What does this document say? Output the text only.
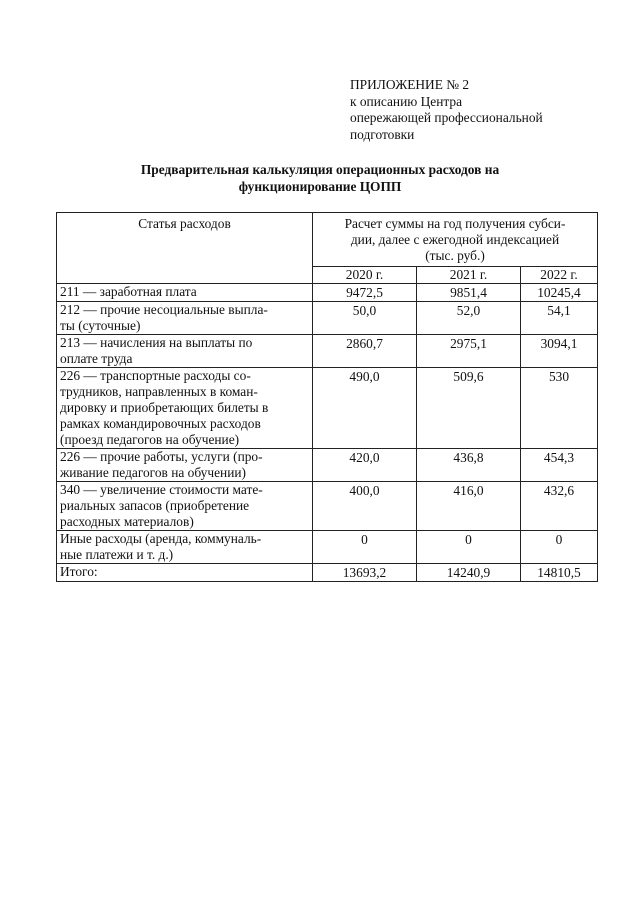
ПРИЛОЖЕНИЕ № 2
к описанию Центра
опережающей профессиональной
подготовки
Предварительная калькуляция операционных расходов на
функционирование ЦОПП
Статья расходов	Расчет суммы на год получения субси-
дии, далее с ежегодной индексацией
(тыс. руб.)		

	2020 г.	2021 г.	2022 г.

211 — заработная плата	9472,5	9851,4	10245,4

212 — прочие несоциальные выпла-
ты (суточные)	50,0	52,0	54,1

213 — начисления на выплаты по
оплате труда	2860,7	2975,1	3094,1

226 — транспортные расходы со-
трудников, направленных в коман-
дировку и приобретающих билеты в
рамках командировочных расходов
(проезд педагогов на обучение)	490,0	509,6	530

226 — прочие работы, услуги (про-
живание педагогов на обучении)	420,0	436,8	454,3

340 — увеличение стоимости мате-
риальных запасов (приобретение
расходных материалов)	400,0	416,0	432,6

Иные расходы (аренда, коммуналь-
ные платежи и т. д.)	0	0	0

Итого:	13693,2	14240,9	14810,5
